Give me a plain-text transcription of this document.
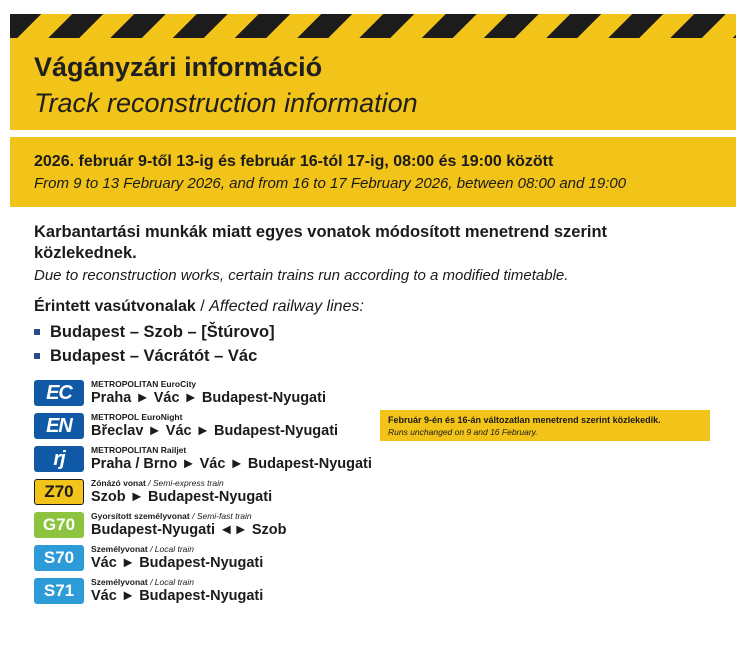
Vágányzári információ
Track reconstruction information
2026. február 9-től 13-ig és február 16-tól 17-ig, 08:00 és 19:00 között
From 9 to 13 February 2026, and from 16 to 17 February 2026, between 08:00 and 19:00
Karbantartási munkák miatt egyes vonatok módosított menetrend szerint közlekednek.
Due to reconstruction works, certain trains run according to a modified timetable.
Érintett vasútvonalak / Affected railway lines:
Budapest – Szob – [Štúrovo]
Budapest – Vácrátót – Vác
EC	METROPOLITAN EuroCity
Praha ► Vác ► Budapest-Nyugati
EN	METROPOL EuroNight
Břeclav ► Vác ► Budapest-Nyugati
rj	METROPOLITAN Railjet
Praha / Brno ► Vác ► Budapest-Nyugati
Z70	Zónázó vonat / Semi-express train
Szob ► Budapest-Nyugati
G70	Gyorsított személyvonat / Semi-fast train
Budapest-Nyugati ◄► Szob
S70	Személyvonat / Local train
Vác ► Budapest-Nyugati
S71	Személyvonat / Local train
Vác ► Budapest-Nyugati
Február 9-én és 16-án változatlan menetrend szerint közlekedik.
Runs unchanged on 9 and 16 February.
